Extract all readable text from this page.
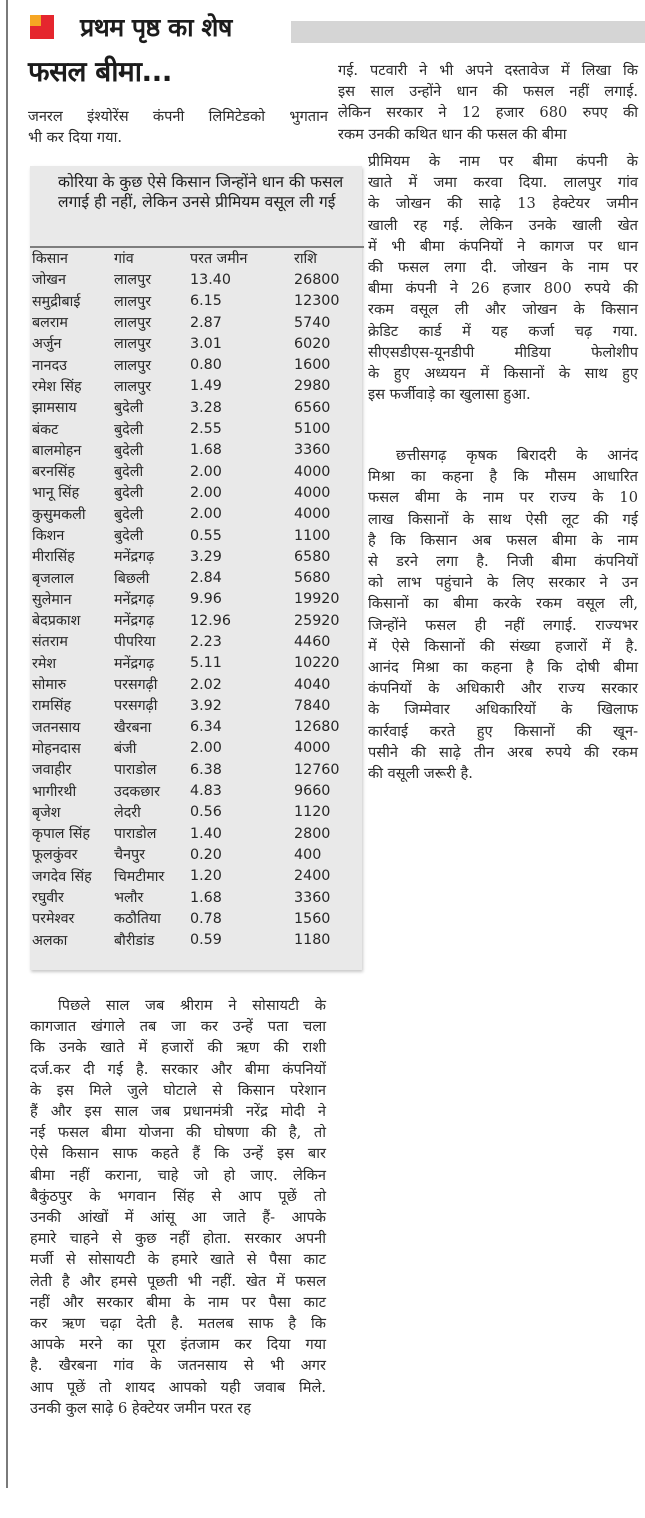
प्रथम पृष्ठ का शेष
फसल बीमा...

जनरल इंश्योरेंस कंपनी लिमिटेडको भुगतान

भी कर दिया गया.

गई. पटवारी ने भी अपने दस्तावेज में लिखा कि

इस साल उन्होंने धान की फसल नहीं लगाई.

लेकिन सरकार ने 12 हजार 680 रुपए की

रकम उनकी कथित धान की फसल की बीमा

प्रीमियम के नाम पर बीमा कंपनी के

खाते में जमा करवा दिया. लालपुर गांव

के जोखन की साढ़े 13 हेक्टेयर जमीन

खाली रह गई. लेकिन उनके खाली खेत

में भी बीमा कंपनियों ने कागज पर धान

की फसल लगा दी. जोखन के नाम पर

बीमा कंपनी ने 26 हजार 800 रुपये की

रकम वसूल ली और जोखन के किसान

क्रेडिट कार्ड में यह कर्जा चढ़ गया.

सीएसडीएस-यूनडीपी मीडिया फेलोशीप

के हुए अध्ययन में किसानों के साथ हुए

इस फर्जीवाड़े का खुलासा हुआ.

छत्तीसगढ़ कृषक बिरादरी के आनंद

मिश्रा का कहना है कि मौसम आधारित

फसल बीमा के नाम पर राज्य के 10

लाख किसानों के साथ ऐसी लूट की गई

है कि किसान अब फसल बीमा के नाम

से डरने लगा है. निजी बीमा कंपनियों

को लाभ पहुंचाने के लिए सरकार ने उन

किसानों का बीमा करके रकम वसूल ली,

जिन्होंने फसल ही नहीं लगाई. राज्यभर

में ऐसे किसानों की संख्या हजारों में है.

आनंद मिश्रा का कहना है कि दोषी बीमा

कंपनियों के अधिकारी और राज्य सरकार

के जिम्मेवार अधिकारियों के खिलाफ

कार्रवाई करते हुए किसानों की खून-

पसीने की साढ़े तीन अरब रुपये की रकम

की वसूली जरूरी है.

पिछले साल जब श्रीराम ने सोसायटी के

कागजात खंगाले तब जा कर उन्हें पता चला

कि उनके खाते में हजारों की ऋण की राशी

दर्ज.कर दी गई है. सरकार और बीमा कंपनियों

के इस मिले जुले घोटाले से किसान परेशान

हैं और इस साल जब प्रधानमंत्री नरेंद्र मोदी ने

नई फसल बीमा योजना की घोषणा की है, तो

ऐसे किसान साफ कहते हैं कि उन्हें इस बार

बीमा नहीं कराना, चाहे जो हो जाए. लेकिन

बैकुंठपुर के भगवान सिंह से आप पूछें तो

उनकी आंखों में आंसू आ जाते हैं- आपके

हमारे चाहने से कुछ नहीं होता. सरकार अपनी

मर्जी से सोसायटी के हमारे खाते से पैसा काट

लेती है और हमसे पूछती भी नहीं. खेत में फसल

नहीं और सरकार बीमा के नाम पर पैसा काट

कर ऋण चढ़ा देती है. मतलब साफ है कि

आपके मरने का पूरा इंतजाम कर दिया गया

है. खैरबना गांव के जतनसाय से भी अगर

आप पूछें तो शायद आपको यही जवाब मिले.

उनकी कुल साढ़े 6 हेक्टेयर जमीन परत रह

कोरिया के कुछ ऐसे किसान जिन्होंने धान की फसल लगाई ही नहीं, लेकिन उनसे प्रीमियम वसूल ली गई
किसान	गांव	परत जमीन	राशि
जोखन	लालपुर	13.40	26800
समुद्रीबाई	लालपुर	6.15	12300
बलराम	लालपुर	2.87	5740
अर्जुन	लालपुर	3.01	6020
नानदउ	लालपुर	0.80	1600
रमेश सिंह	लालपुर	1.49	2980
झामसाय	बुदेली	3.28	6560
बंकट	बुदेली	2.55	5100
बालमोहन	बुदेली	1.68	3360
बरनसिंह	बुदेली	2.00	4000
भानू सिंह	बुदेली	2.00	4000
कुसुमकली	बुदेली	2.00	4000
किशन	बुदेली	0.55	1100
मीरासिंह	मनेंद्रगढ़	3.29	6580
बृजलाल	बिछली	2.84	5680
सुलेमान	मनेंद्रगढ़	9.96	19920
बेदप्रकाश	मनेंद्रगढ़	12.96	25920
संतराम	पीपरिया	2.23	4460
रमेश	मनेंद्रगढ़	5.11	10220
सोमारु	परसगढ़ी	2.02	4040
रामसिंह	परसगढ़ी	3.92	7840
जतनसाय	खैरबना	6.34	12680
मोहनदास	बंजी	2.00	4000
जवाहीर	पाराडोल	6.38	12760
भागीरथी	उदकछार	4.83	9660
बृजेश	लेदरी	0.56	1120
कृपाल सिंह	पाराडोल	1.40	2800
फूलकुंवर	चैनपुर	0.20	400
जगदेव सिंह	चिमटीमार	1.20	2400
रघुवीर	भलौर	1.68	3360
परमेश्वर	कठौतिया	0.78	1560
अलका	बौरीडांड	0.59	1180
